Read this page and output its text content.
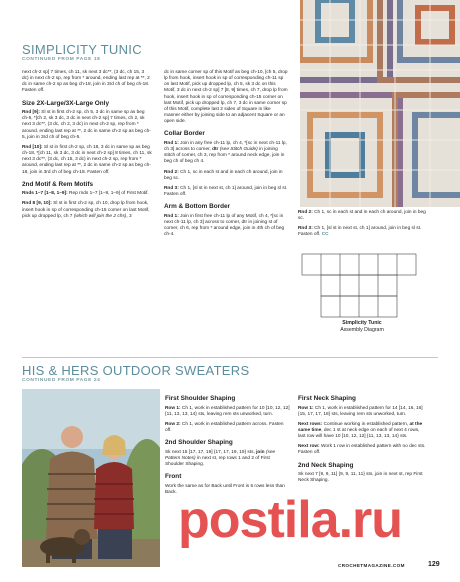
SIMPLICITY TUNIC
CONTINUED FROM PAGE 18

next ch-2 sp] 7 times, ch 11, sk next 3 dc**, (3 dc, ch 15, 3 dc) in next ch-2 sp, rep from * around, ending last rep at **, 2 dc in same ch-2 sp as beg ch-18, join in 3rd ch of beg ch-18. Fasten off.

Size 2X-Large/3X-Large Only

Rnd [9]: Sl st in first ch-2 sp, ch 5, 3 dc in same sp as beg ch-5, *[ch 2, sk 3 dc, 3 dc in next ch-2 sp] 7 times, ch 2, sk next 3 dc**, (3 dc, ch 2, 3 dc) in next ch-2 sp, rep from * around, ending last rep at **, 2 dc in same ch-2 sp as beg ch-5, join in 3rd ch of beg ch-5.

Rnd [10]: Sl st in first ch-2 sp, ch 18, 3 dc in same sp as beg ch-18, *[ch 11, sk 3 dc, 3 dc in next ch-2 sp] 8 times, ch 11, sk next 3 dc**, (3 dc, ch 15, 3 dc) in next ch-2 sp, rep from * around, ending last rep at **, 2 dc in same ch-2 sp as beg ch-18, join in 3rd ch of beg ch-18. Fasten off.

2nd Motif & Rem Motifs

Rnds 1–7 [1–8, 1–9]: Rep rnds 1–7 [1–8, 1–9] of First Motif.

Rnd 8 [9, 10]: Sl st in first ch-2 sp, ch 10, drop lp from hook, insert hook in sp of corresponding ch-15 corner on last Motif, pick up dropped lp, ch 7 (which will join the 2 chs), 3

dc in same corner sp of this Motif as beg ch-10, [ch 5, drop lp from hook, insert hook in sp of corresponding ch-11 sp on last Motif, pick up dropped lp, ch 5, sk 3 dc on this Motif, 3 dc in next ch-2 sp] 7 [8, 9] times, ch 7, drop lp from hook, insert hook in sp of corresponding ch-15 corner on last Motif, pick up dropped lp, ch 7, 3 dc in same corner sp of this Motif, complete last 2 sides of Square in like manner either by joining side to an adjacent Square or an open side.

Collar Border

Rnd 1: Join in any free ch-11 lp, ch 4, *[sc in next ch-11 lp, ch 3] across to corner, dtr (see Stitch Guide) in joining stitch of corner, ch 3, rep from * around neck edge, join in beg ch of beg ch 4.

Rnd 2: Ch 1, sc in each st and in each ch around, join in beg sc.

Rnd 3: Ch 1, [sl st in next st, ch 1] around, join in beg sl st. Fasten off.

Arm & Bottom Border

Rnd 1: Join in first free ch-11 lp of any Motif, ch 4, *[sc in next ch-11 lp, ch 3] across to corner, dtr in joining st of corner, ch 6, rep from * around edge, join in 4th ch of beg ch-4.

Rnd 2: Ch 1, sc in each st and in each ch around, join in beg sc.

Rnd 3: Ch 1, [sl st in next st, ch 1] around, join in beg sl st. Fasten off. CC

Simplicity Tunic
Assembly Diagram
HIS & HERS OUTDOOR SWEATERS
CONTINUED FROM PAGE 24
First Shoulder Shaping

Row 1: Ch 1, work in established pattern for 10 [10, 12, 12] {11, 13, 13, 14} sts, leaving rem sts unworked, turn.

Row 2: Ch 1, work in established pattern across. Fasten off.

2nd Shoulder Shaping

Sk next 15 [17, 17, 19] {17, 17, 19, 19} sts, join (see Pattern Notes) in next st, rep rows 1 and 2 of First Shoulder Shaping.

Front

Work the same as for Back until Front is 6 rows less than Back.

First Neck Shaping

Row 1: Ch 1, work in established pattern for 14 [14, 16, 16] {15, 17, 17, 18} sts, leaving rem sts unworked, turn.

Next rows: Continue working in established pattern, at the same time, dec 1 st at neck edge on each of next 4 rows, last row will have 10 [10, 12, 12] {11, 13, 13, 14} sts.

Next row: Work 1 row in established pattern with no dec sts. Fasten off.

2nd Neck Shaping

Sk next 7 [9, 9, 11] {9, 9, 11, 11} sts, join in next st, rep First Neck Shaping.

postila.ru
CROCHETMAGAZINE.COM	129
